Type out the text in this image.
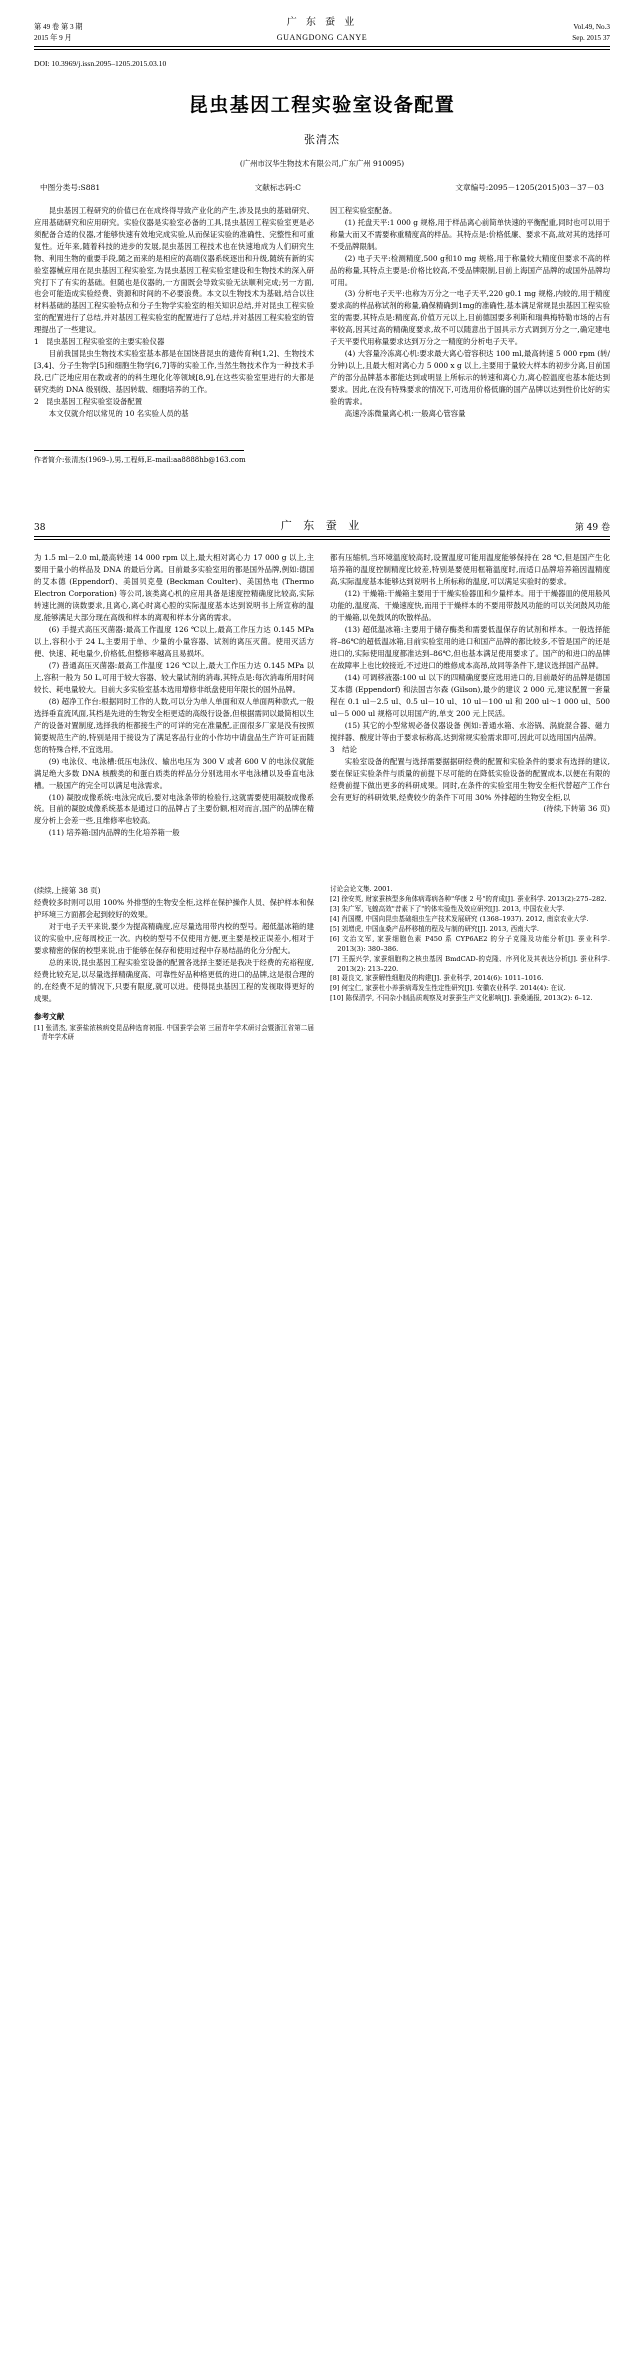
第 49 卷 第 3 期
2015 年 9 月
广 东 蚕 业
GUANGDONG CANYE
Vol.49, No.3
Sep. 2015 37
DOI: 10.3969/j.issn.2095–1205.2015.03.10
昆虫基因工程实验室设备配置
张清杰
(广州市汉华生物技术有限公司,广东广州 910095)
中图分类号:S881	文献标志码:C	文章编号:2095－1205(2015)03－37－03

昆虫基因工程研究的价值已在在成终得导致产业化的产生,涉及昆虫的基础研究、应用基础研究和应用研究。实验仪器是实验室必备的工具,昆虫基因工程实验室更是必须配备合适的仪器,才能够快速有效地完成实验,从而保证实验的准确性、完整性和可重复性。近年来,随着科技的进步的发展,昆虫基因工程技术也在快速地成为人们研究生物、利用生物的重要手段,随之而来的是相应的高端仪器系统逐出和升级,随统有新的实验室器械应用在昆虫基因工程实验室,为昆虫基因工程实验室建设和生物技术的深入研究打下了有实的基础。但随也是仪器的,一方面既会导致实验无法顺利完成;另一方面,也会可能造成实验经费、资源和时间的不必要浪费。本文以生物技术为基础,结合以往材料基础的基因工程实验特点和分子生物学实验室的相关知识总结,并对昆虫工程实验室的配置进行了总结,并对基因工程实验室的配置进行了总结,并对基因工程实验室的管理提出了一些建议。

1　昆虫基因工程实验室的主要实验仪器

目前我国昆虫生物技术实验室基本都是在国饶普昆虫的遗传育种[1,2]、生物技术[3,4]、分子生物学[5]和细胞生物学[6,7]等的实验工作,当然生物技术作为一种技术手段,已广泛地应用在教或者的的科生理化化等领域[8,9],在这些实验室里进行的大都是研究类的 DNA 级别级、基因转载、细胞培养的工作。

2　昆虫基因工程实验室设备配置

本文仅就介绍以常见的 10 名实验人员的基

因工程实验室配备。

(1) 托盘天平:1 000 g 规格,用于样品离心前简单快速的平衡配重,同时也可以用于称量大而又不需要称重精度高的样品。其特点是:价格低廉、要求不高,故对其的选择可不受品牌限制。

(2) 电子天平:检测精度,500 g和10 mg 规格,用于称量较大精度但要求不高的样品的称量,其特点主要是:价格比较高,不受品牌限制,目前上海国产品牌的或国外品牌均可用。

(3) 分析电子天平:也称为万分之一电子天平,220 g0.1 mg 规格,内较的,用于精度要求高的样品称试剂的称量,确保精确到1mg的准确性,基本满足常规昆虫基因工程实验室的需要,其特点是:精度高,价值万元以上,目前德国要多利斯和瑞典梅特勒市场的占有率较高,因其过高的精确度要求,故不可以随意出于国具示方式调到万分之一,确定建电子天平要代用称量要求达到万分之一精度的分析电子天平。

(4) 大容量冷冻离心机:要求最大离心管容积达 100 ml,最高转速 5 000 rpm (转/分钟)以上,且最大相对离心力 5 000 x g 以上,主要用于量较大样本的初步分离,目前国产的部分品牌基本都能达到或明显上所标示的转速和离心力,离心腔温度也基本能达到要求。因此,在没有特殊要求的情况下,可选用价格低廉的国产品牌以达到性价比好的实验的需求。

高速冷冻微量离心机:一般离心管容量

作者简介:张清杰(1969–),男,工程师,E–mail:aa8888hb@163.com
38	广 东 蚕 业	第 49 卷

为 1.5 ml－2.0 ml,最高转速 14 000 rpm 以上,最大相对离心力 17 000 g 以上,主要用于量小的样品及 DNA 的最后分离。目前最多实验室用的都是国外品牌,例如:德国的艾本德 (Eppendorf)、美国贝克曼 (Beckman Coulter)、美国热电 (Thermo Electron Corporation) 等公司,该类离心机的应用具备是速度控精确度比较高,实际转速比测的读数要求,且离心,离心时离心腔的实际温度基本达到说明书上所宣称的温度,能够满足大部分现在高级和样本的离观和样本分离的需求。

(6) 手提式高压灭菌器:最高工作温度 126 ℃以上,最高工作压力达 0.145 MPa 以上,容积小于 24 L,主要用于单、少量的小量容器、试剂的离压灭菌。使用灭活方便、快速、耗电量少,价格低,但整修率越高且易损坏。

(7) 普通高压灭菌器:最高工作温度 126 ℃以上,最大工作压力达 0.145 MPa 以上,容积一般为 50 L,可用于较大容器、较大量试剂的消毒,其特点是:每次消毒所用时间较长、耗电量较大。目前大多实验室基本选用增修非纸盘使用年限长的国外品牌。

(8) 超净工作台:根据同时工作的人数,可以分为单人单面和双人单面两种款式,一般选择垂直流风面,其档是先进的生物安全柜更适的高级行设备,但根据需同以最简相以生产的设备对置制度,选择我的柜都接生产的可详的完在准量配,正面很多厂家是没有按照简要规范生产的,特别是用于接设为了满足客品行业的小作坊中请盘品生产许可证而随您的特殊合样,不宜选用。

(9) 电泳仪、电泳槽:低压电泳仪、输出电压为 300 V 或者 600 V 的电泳仪就能满足绝大多数 DNA 核酸类的和蛋白质类的样品分分别选用水平电泳槽以及垂直电泳槽。一般国产的完全可以满足电泳需求。

(10) 凝胶成像系统:电泳完成后,要对电泳条带的检验行,这就需要使用凝胶成像系统。目前的凝胶成像系统基本是通过口的品牌占了主要份额,相对而言,国产的品牌在精度分析上会差一些,且维修率也较高。

(11) 培养箱:国内品牌的生化培养箱一般

都有压缩机,当环境温度较高时,设置温度可能用温度能够保持在 28 ℃,但是国产生化培养箱的温度控制精度比较差,特别是要使用框箱温度时,而适口品牌培养箱因温精度高,实际温度基本能够达到说明书上所标称的温度,可以满足实验时的要求。

(12) 干燥箱:干燥箱主要用于干燥实验器皿和少量样本。用于干燥器皿的使用般风功能的,温度高、干燥速度快,而用于干燥样本的不要用带鼓风功能的可以关闭鼓风功能的干燥箱,以免鼓风的吹散样品。

(13) 超低温冰箱:主要用于储存酶类和需要低温保存的试剂和样本。一般选择能将–86℃的超低温冰箱,目前实验室用的进口和国产品牌的都比较多,不管是国产的还是进口的,实际使用温度都准达到–86℃,但也基本满足使用要求了。国产的和进口的品牌在故障率上也比较接近,不过进口的维修成本高昂,故同等条件下,建议选择国产品牌。

(14) 可调移液器:100 ul 以下的四精确度要应选用进口的,目前最好的品牌是德国艾本德 (Eppendorf) 和法国吉尔森 (Gilson),最少的建议 2 000 元,建议配置一套量程在 0.1 ul－2.5 ul、0.5 ul－10 ul、10 ul－100 ul 和 200 ul～1 000 ul、500 ul－5 000 ul 规格可以用国产的,单支 200 元上民活。

(15) 其它的小型常规必备仪器设备 例如:普通水箱、水浴锅、涡旋混合器、磁力搅拌器、酸度计等由于要求标称高,达到常规实验需求即可,因此可以选用国内品牌。

3　结论

实验室设备的配置与选择需要据据研经费的配置和实验条件的要求有选择的建议,要在保证实验条件与质量的前提下尽可能的在降低实验设备的配置成本,以便在有限的经费前提下做出更多的科研成果。同时,在条件的实验室用生物安全柜代替超产工作台会有更好的科研效果,经费较少的条件下可用 30% 外排超的生物安全柜,以

(待续,下转第 36 页)

(续续,上接第 38 页)

经费较多时则可以用 100% 外排型的生物安全柜,这样在保护操作人员、保护样本和保护环境三方面都会起到较好的效果。

对于电子天平来说,要少为提高精确度,应尽量选用带内校的型号。超低温冰箱的建议的实验中,应每周校正一次。内校的型号不仅使用方便,更主要是校正误差小,相对于要求精密的保的校型来说,由于能够在保存和使用过程中存易结晶的化分分配大。

总的来说,昆虫基因工程实验室设备的配置各选择主要还是我决于经费的充裕程度,经费比较充足,以尽量选择精确度高、可靠性好品种格更低的进口的品牌,这是很合理的的,在经费不足的情况下,只要有限度,就可以进。使得昆虫基因工程的发视取得更好的成果。

参考文献

[1] 张清杰, 家蚕盐浓核病变昆品种选育初报. 中国蚕学会第 三届青年学术研讨会暨浙江省第二届青年学术研

讨论会论文集. 2001.

[2] 徐安英, 财家蚕核型多角体病毒病各种"华康 2 号"的育成[J]. 蚕业科学. 2013(2):275–282.

[3] 朱广军, 飞蝗高效"昔素下了"的体实验性及效应研究[J]. 2013, 中国农业大学.

[4] 肖国樱, 中国向昆虫基础细虫生产技术发展研究 (1368–1937). 2012, 南京农业大学.

[5] 刘增虎, 中国血桑产品杯移植的程及与制的研究[J]. 2013, 西南大学.

[6] 文治文军, 家蚕细胞色素 P450 系 CYP6AE2 的分子克隆及功能分析[J]. 蚕业科学. 2013(3): 380–386.

[7] 王振兴学, 家蚕细胞构之核虫基因 BmdCAD-的克隆、序列化及其表达分析[J]. 蚕业科学. 2013(2): 213–220.

[8] 聂良文, 家蚕解性细胞及的构建[J]. 蚕业科学, 2014(6): 1011–1016.

[9] 何宝仁, 家蚕杜小养蚕病毒发生性定性研究[J]. 安徽农业科学. 2014(4): 在议.

[10] 陈保清学, 不同杂小制品质观察及对蚕蚕生产文化影响[J]. 蚕桑通报, 2013(2): 6–12.
